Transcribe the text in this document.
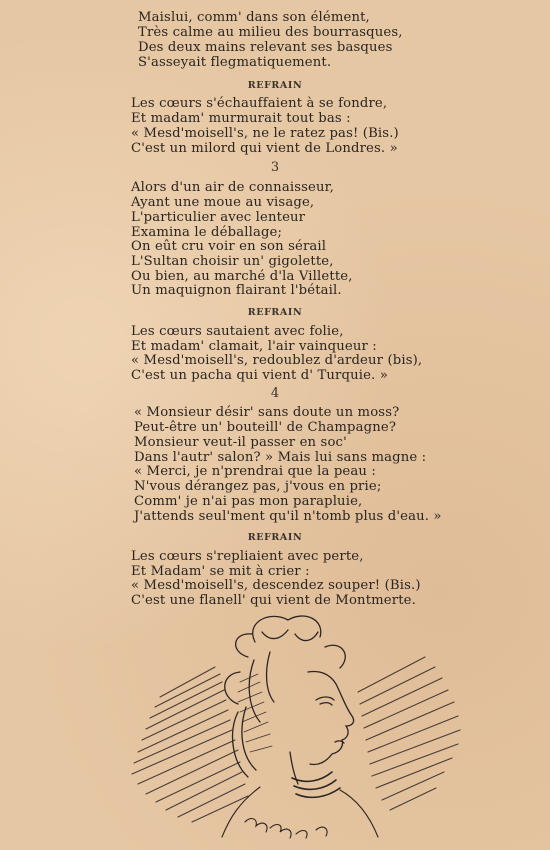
Maislui, comm' dans son élément,
Très calme au milieu des bourrasques,
Des deux mains relevant ses basques
S'asseyait flegmatiquement.
REFRAIN
Les cœurs s'échauffaient à se fondre,
Et madam' murmurait tout bas :
« Mesd'moisell's, ne le ratez pas! (Bis.)
C'est un milord qui vient de Londres. »
3
Alors d'un air de connaisseur,
Ayant une moue au visage,
L'particulier avec lenteur
Examina le déballage;
On eût cru voir en son sérail
L'Sultan choisir un' gigolette,
Ou bien, au marché d'la Villette,
Un maquignon flairant l'bétail.
REFRAIN
Les cœurs sautaient avec folie,
Et madam' clamait, l'air vainqueur :
« Mesd'moisell's, redoublez d'ardeur (bis),
C'est un pacha qui vient d' Turquie. »
4
« Monsieur désir' sans doute un moss?
Peut-être un' bouteill' de Champagne?
Monsieur veut-il passer en soc'
Dans l'autr' salon? » Mais lui sans magne :
« Merci, je n'prendrai que la peau :
N'vous dérangez pas, j'vous en prie;
Comm' je n'ai pas mon parapluie,
J'attends seul'ment qu'il n'tomb plus d'eau. »
REFRAIN
Les cœurs s'repliaient avec perte,
Et Madam' se mit à crier :
« Mesd'moisell's, descendez souper! (Bis.)
C'est une flanell' qui vient de Montmerte.
